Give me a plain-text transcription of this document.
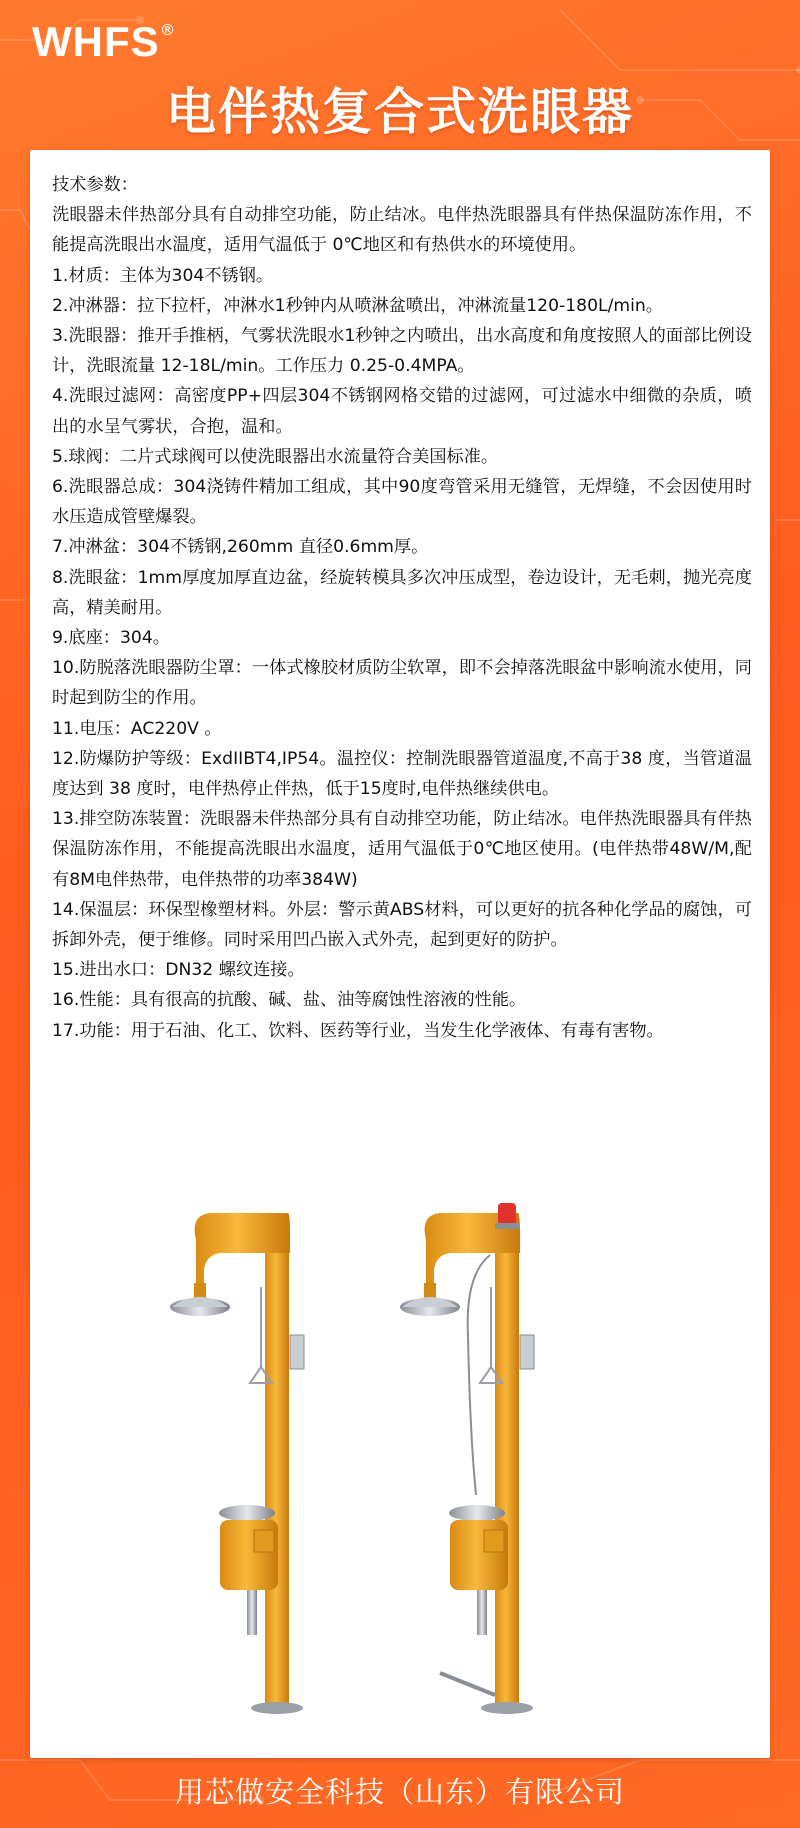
WHFS ®
电伴热复合式洗眼器

技术参数：

洗眼器未伴热部分具有自动排空功能，防止结冰。电伴热洗眼器具有伴热保温防冻作用，不能提高洗眼出水温度，适用气温低于 0℃地区和有热供水的环境使用。

1.材质：主体为304不锈钢。

2.冲淋器：拉下拉杆，冲淋水1秒钟内从喷淋盆喷出，冲淋流量120-180L/min。

3.洗眼器：推开手推柄，气雾状洗眼水1秒钟之内喷出，出水高度和角度按照人的面部比例设计，洗眼流量 12-18L/min。工作压力 0.25-0.4MPA。

4.洗眼过滤网：高密度PP+四层304不锈钢网格交错的过滤网，可过滤水中细微的杂质，喷出的水呈气雾状，合抱，温和。

5.球阀：二片式球阀可以使洗眼器出水流量符合美国标准。

6.洗眼器总成：304浇铸件精加工组成，其中90度弯管采用无缝管，无焊缝，不会因使用时水压造成管壁爆裂。

7.冲淋盆：304不锈钢,260mm 直径0.6mm厚。

8.洗眼盆：1mm厚度加厚直边盆，经旋转模具多次冲压成型，卷边设计，无毛刺，抛光亮度高，精美耐用。

9.底座：304。

10.防脱落洗眼器防尘罩：一体式橡胶材质防尘软罩，即不会掉落洗眼盆中影响流水使用，同时起到防尘的作用。

11.电压：AC220V 。

12.防爆防护等级：ExdIIBT4,IP54。温控仪：控制洗眼器管道温度,不高于38 度，当管道温度达到 38 度时，电伴热停止伴热，低于15度时,电伴热继续供电。

13.排空防冻装置：洗眼器未伴热部分具有自动排空功能，防止结冰。电伴热洗眼器具有伴热保温防冻作用，不能提高洗眼出水温度，适用气温低于0℃地区使用。(电伴热带48W/M,配有8M电伴热带，电伴热带的功率384W)

14.保温层：环保型橡塑材料。外层：警示黄ABS材料，可以更好的抗各种化学品的腐蚀，可拆卸外壳，便于维修。同时采用凹凸嵌入式外壳，起到更好的防护。

15.进出水口：DN32 螺纹连接。

16.性能：具有很高的抗酸、碱、盐、油等腐蚀性溶液的性能。

17.功能：用于石油、化工、饮料、医药等行业，当发生化学液体、有毒有害物。

用芯做安全科技（山东）有限公司
